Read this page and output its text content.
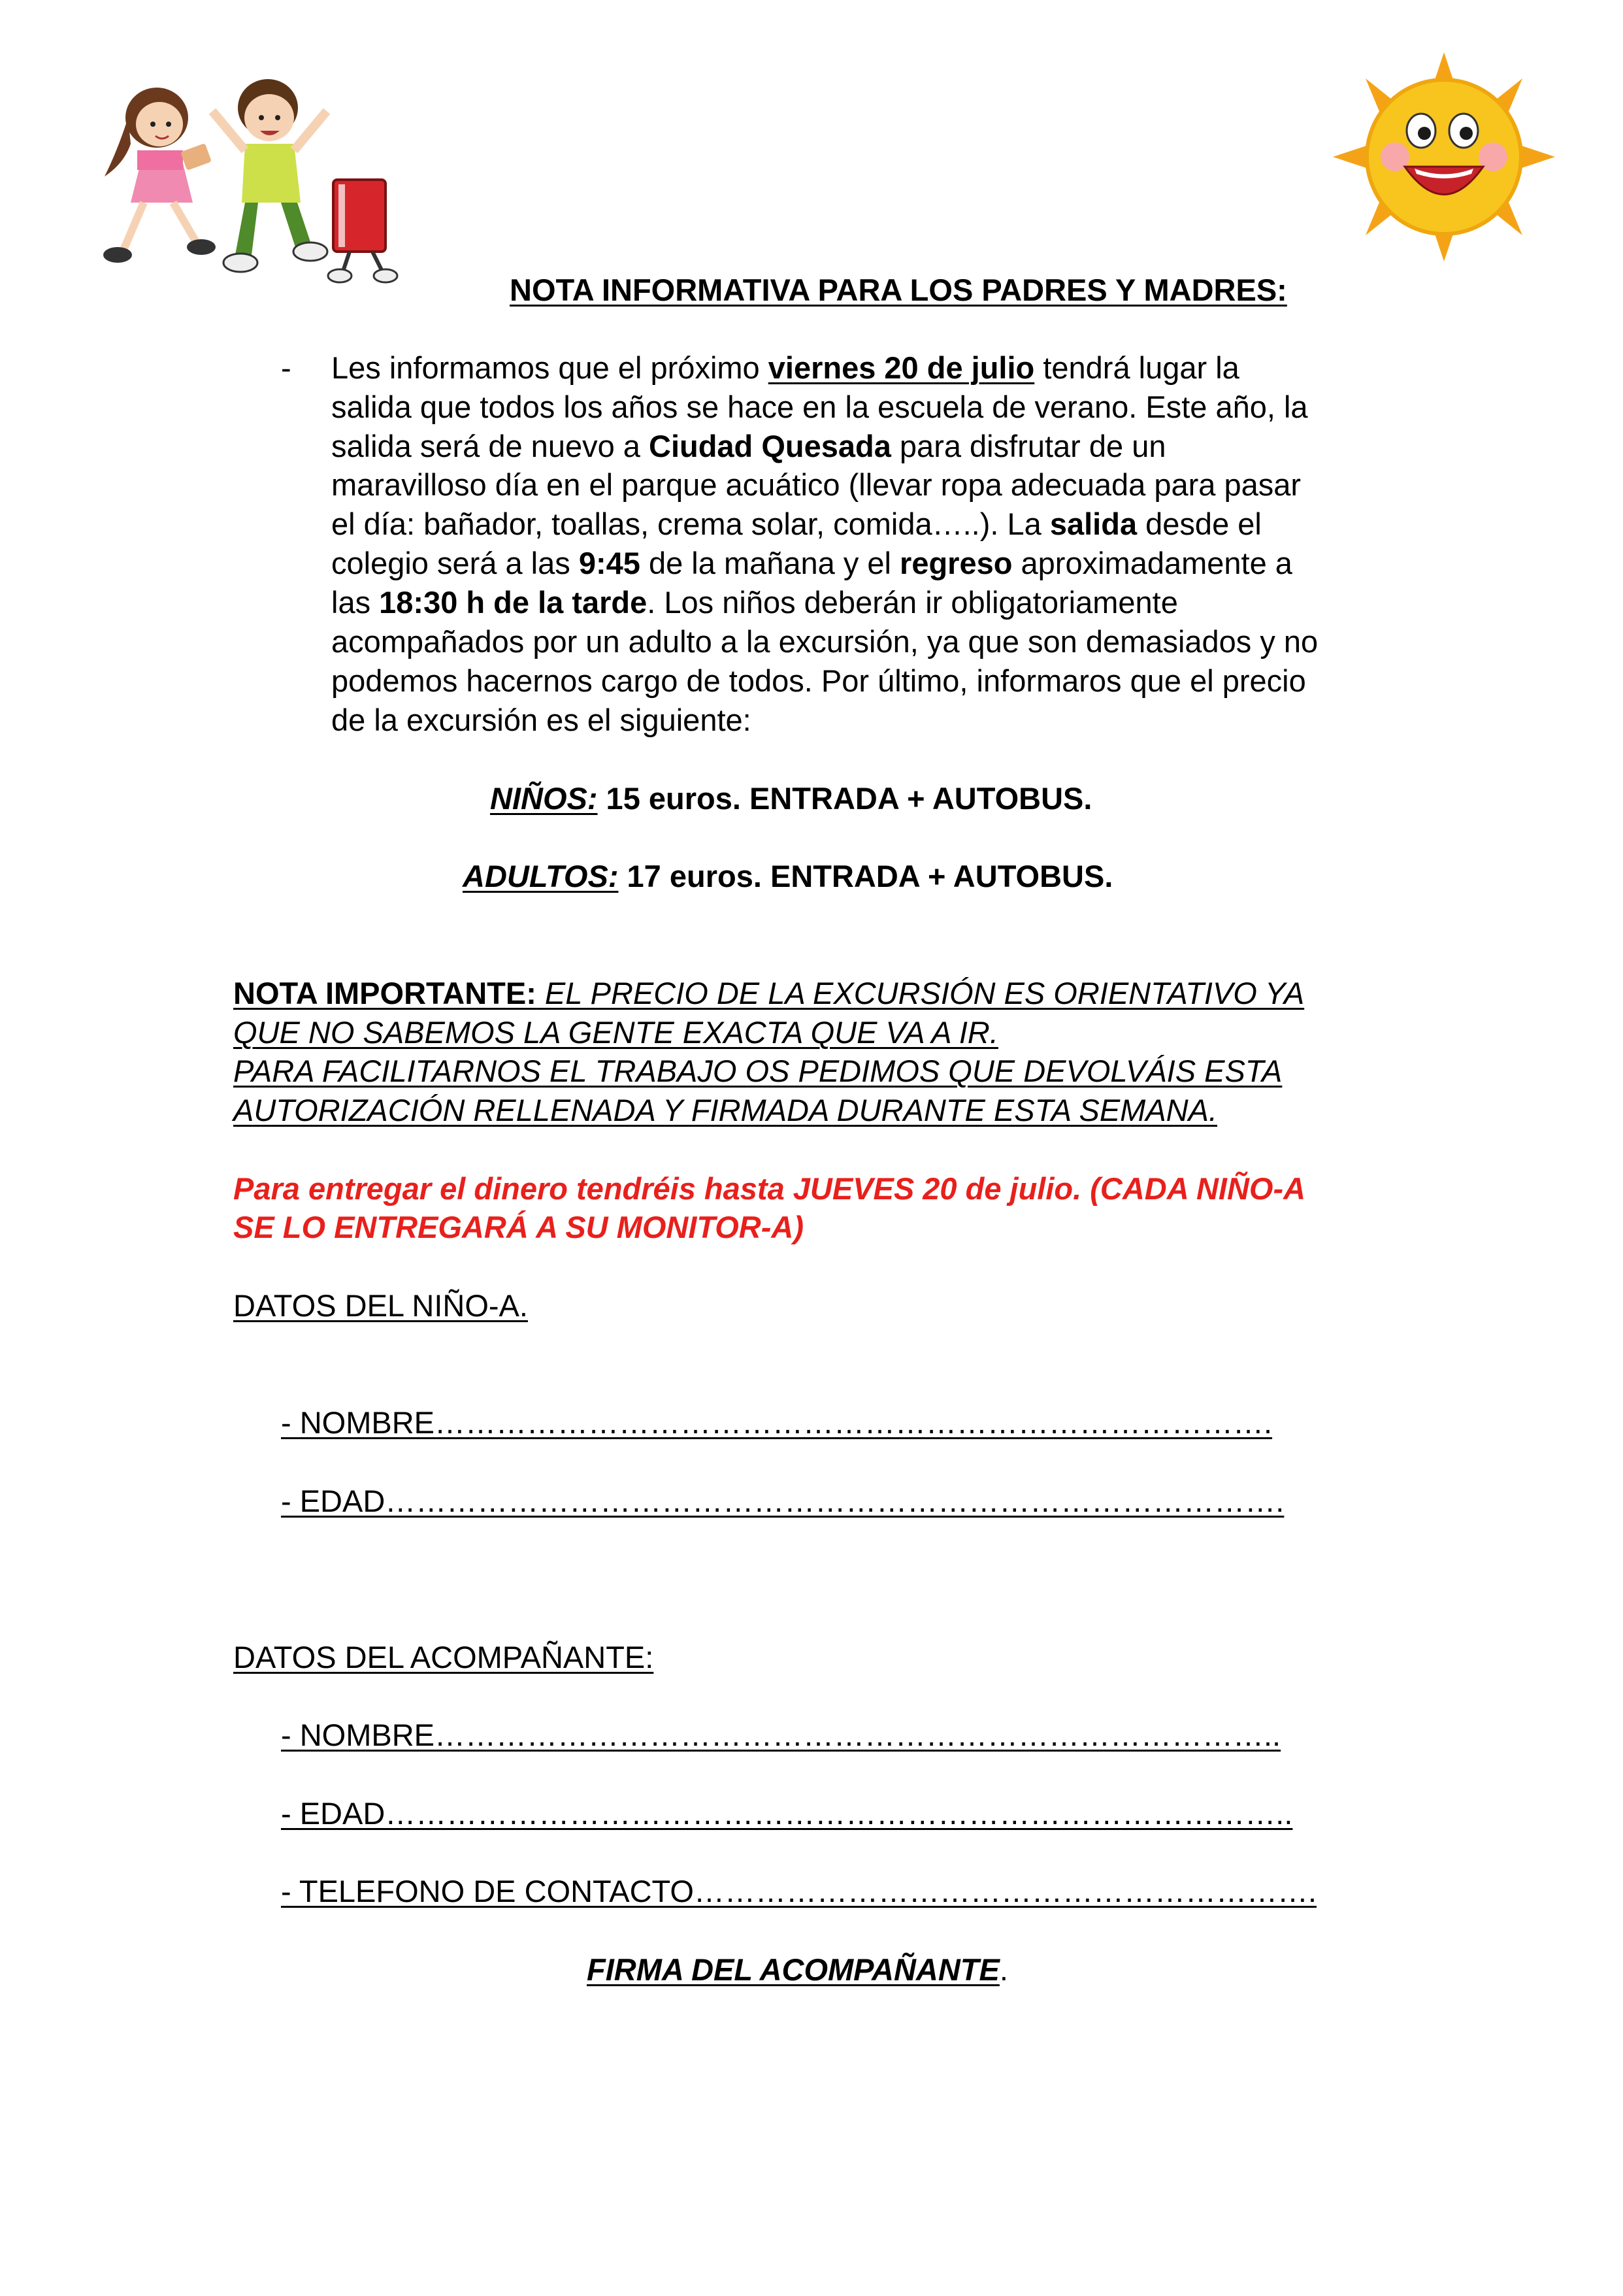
NOTA INFORMATIVA PARA LOS PADRES Y MADRES:
- Les informamos que el próximo viernes 20 de julio tendrá lugar la
salida que todos los años se hace en la escuela de verano. Este año, la
salida será de nuevo a Ciudad Quesada para disfrutar de un
maravilloso día en el parque acuático (llevar ropa adecuada para pasar
el día: bañador, toallas, crema solar, comida…..). La salida desde el
colegio será a las 9:45 de la mañana y el regreso aproximadamente a
las 18:30 h de la tarde. Los niños deberán ir obligatoriamente
acompañados por un adulto a la excursión, ya que son demasiados y no
podemos hacernos cargo de todos. Por último, informaros que el precio
de la excursión es el siguiente:
NIÑOS: 15 euros. ENTRADA + AUTOBUS.
ADULTOS: 17 euros. ENTRADA + AUTOBUS.
NOTA IMPORTANTE: EL PRECIO DE LA EXCURSIÓN ES ORIENTATIVO YA
QUE NO SABEMOS LA GENTE EXACTA QUE VA A IR.
PARA FACILITARNOS EL TRABAJO OS PEDIMOS QUE DEVOLVÁIS ESTA
AUTORIZACIÓN RELLENADA Y FIRMADA DURANTE ESTA SEMANA.
Para entregar el dinero tendréis hasta JUEVES 20 de julio. (CADA NIÑO-A
SE LO ENTREGARÁ A SU MONITOR-A)
DATOS DEL NIÑO-A.
- NOMBRE……………………………………………………………………….
- EDAD…………………………………………………………………………….
DATOS DEL ACOMPAÑANTE:
- NOMBRE………………………………………………………………………..
- EDAD……………………………………………………………………………..
- TELEFONO DE CONTACTO…………………………………………………….
FIRMA DEL ACOMPAÑANTE.
